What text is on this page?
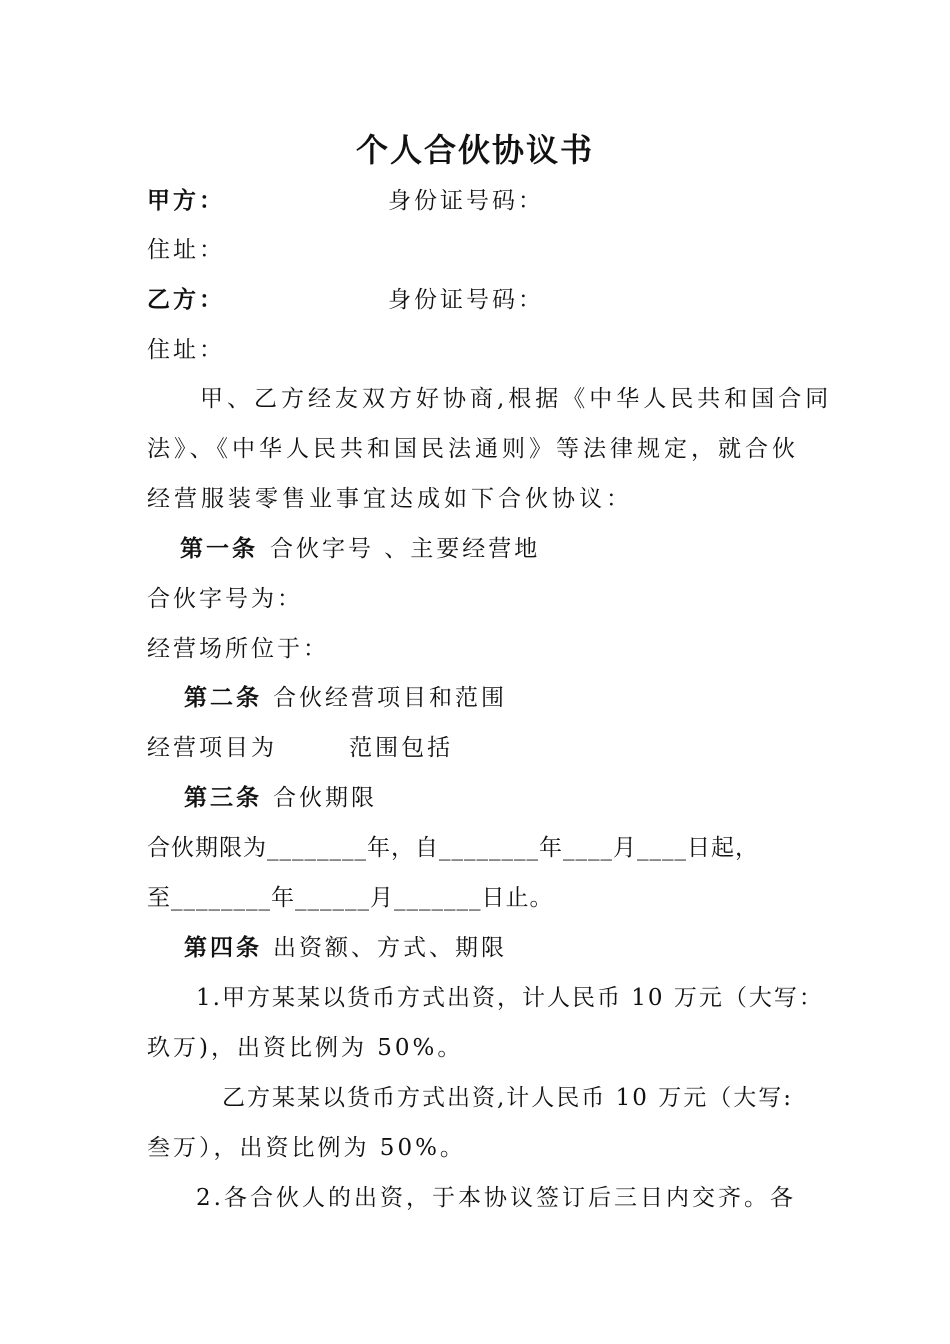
个人合伙协议书
甲方：	身份证号码：
住址：
乙方：	身份证号码：
住址：
甲、乙方经友双方好协商,根据《中华人民共和国合同
法》、《中华人民共和国民法通则》等法律规定，就合伙
经营服装零售业事宜达成如下合伙协议：
第一条 合伙字号 、主要经营地
合伙字号为：
经营场所位于：
第二条 合伙经营项目和范围
经营项目为       范围包括
第三条 合伙期限
合伙期限为________年，自________年____月____日起，
至________年______月_______日止。
第四条 出资额、方式、期限
1.甲方某某以货币方式出资，计人民币 10 万元（大写：
玖万)，出资比例为 50%。
乙方某某以货币方式出资,计人民币 10 万元（大写:
叁万），出资比例为 50%。
2.各合伙人的出资，于本协议签订后三日内交齐。各
